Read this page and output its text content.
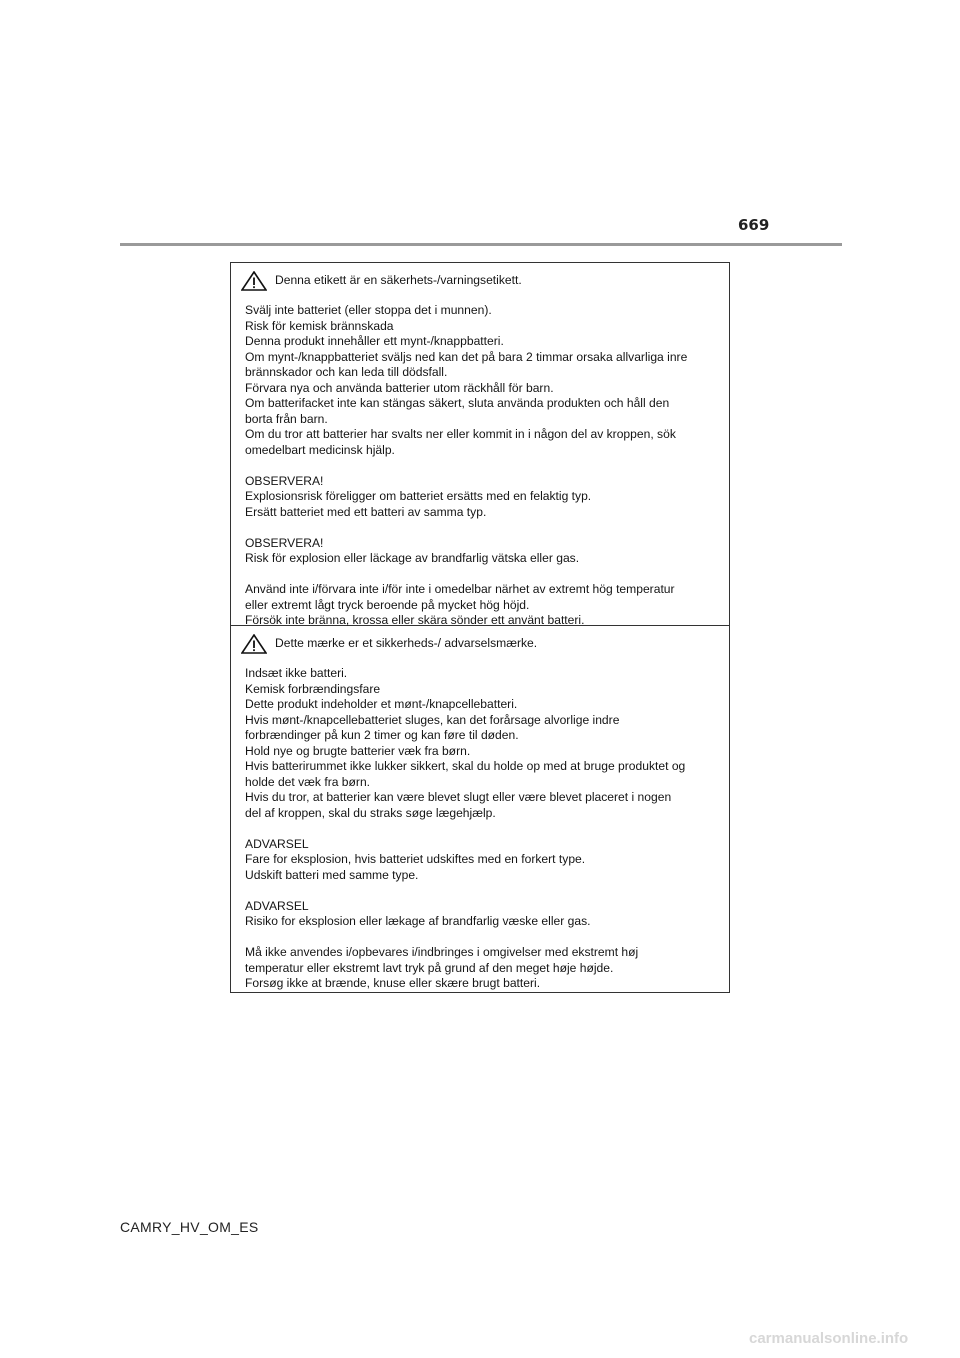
669
Denna etikett är en säkerhets-/varningsetikett.
Svälj inte batteriet (eller stoppa det i munnen).
Risk för kemisk brännskada
Denna produkt innehåller ett mynt-/knappbatteri.
Om mynt-/knappbatteriet sväljs ned kan det på bara 2 timmar orsaka allvarliga inre
brännskador och kan leda till dödsfall.
Förvara nya och använda batterier utom räckhåll för barn.
Om batterifacket inte kan stängas säkert, sluta använda produkten och håll den
borta från barn.
Om du tror att batterier har svalts ner eller kommit in i någon del av kroppen, sök
omedelbart medicinsk hjälp.
OBSERVERA!
Explosionsrisk föreligger om batteriet ersätts med en felaktig typ.
Ersätt batteriet med ett batteri av samma typ.
OBSERVERA!
Risk för explosion eller läckage av brandfarlig vätska eller gas.
Använd inte i/förvara inte i/för inte i omedelbar närhet av extremt hög temperatur
eller extremt lågt tryck beroende på mycket hög höjd.
Försök inte bränna, krossa eller skära sönder ett använt batteri.
Dette mærke er et sikkerheds-/ advarselsmærke.
Indsæt ikke batteri.
Kemisk forbrændingsfare
Dette produkt indeholder et mønt-/knapcellebatteri.
Hvis mønt-/knapcellebatteriet sluges, kan det forårsage alvorlige indre
forbrændinger på kun 2 timer og kan føre til døden.
Hold nye og brugte batterier væk fra børn.
Hvis batterirummet ikke lukker sikkert, skal du holde op med at bruge produktet og
holde det væk fra børn.
Hvis du tror, at batterier kan være blevet slugt eller være blevet placeret i nogen
del af kroppen, skal du straks søge lægehjælp.
ADVARSEL
Fare for eksplosion, hvis batteriet udskiftes med en forkert type.
Udskift batteri med samme type.
ADVARSEL
Risiko for eksplosion eller lækage af brandfarlig væske eller gas.
Må ikke anvendes i/opbevares i/indbringes i omgivelser med ekstremt høj
temperatur eller ekstremt lavt tryk på grund af den meget høje højde.
Forsøg ikke at brænde, knuse eller skære brugt batteri.
CAMRY_HV_OM_ES
carmanualsonline.info
